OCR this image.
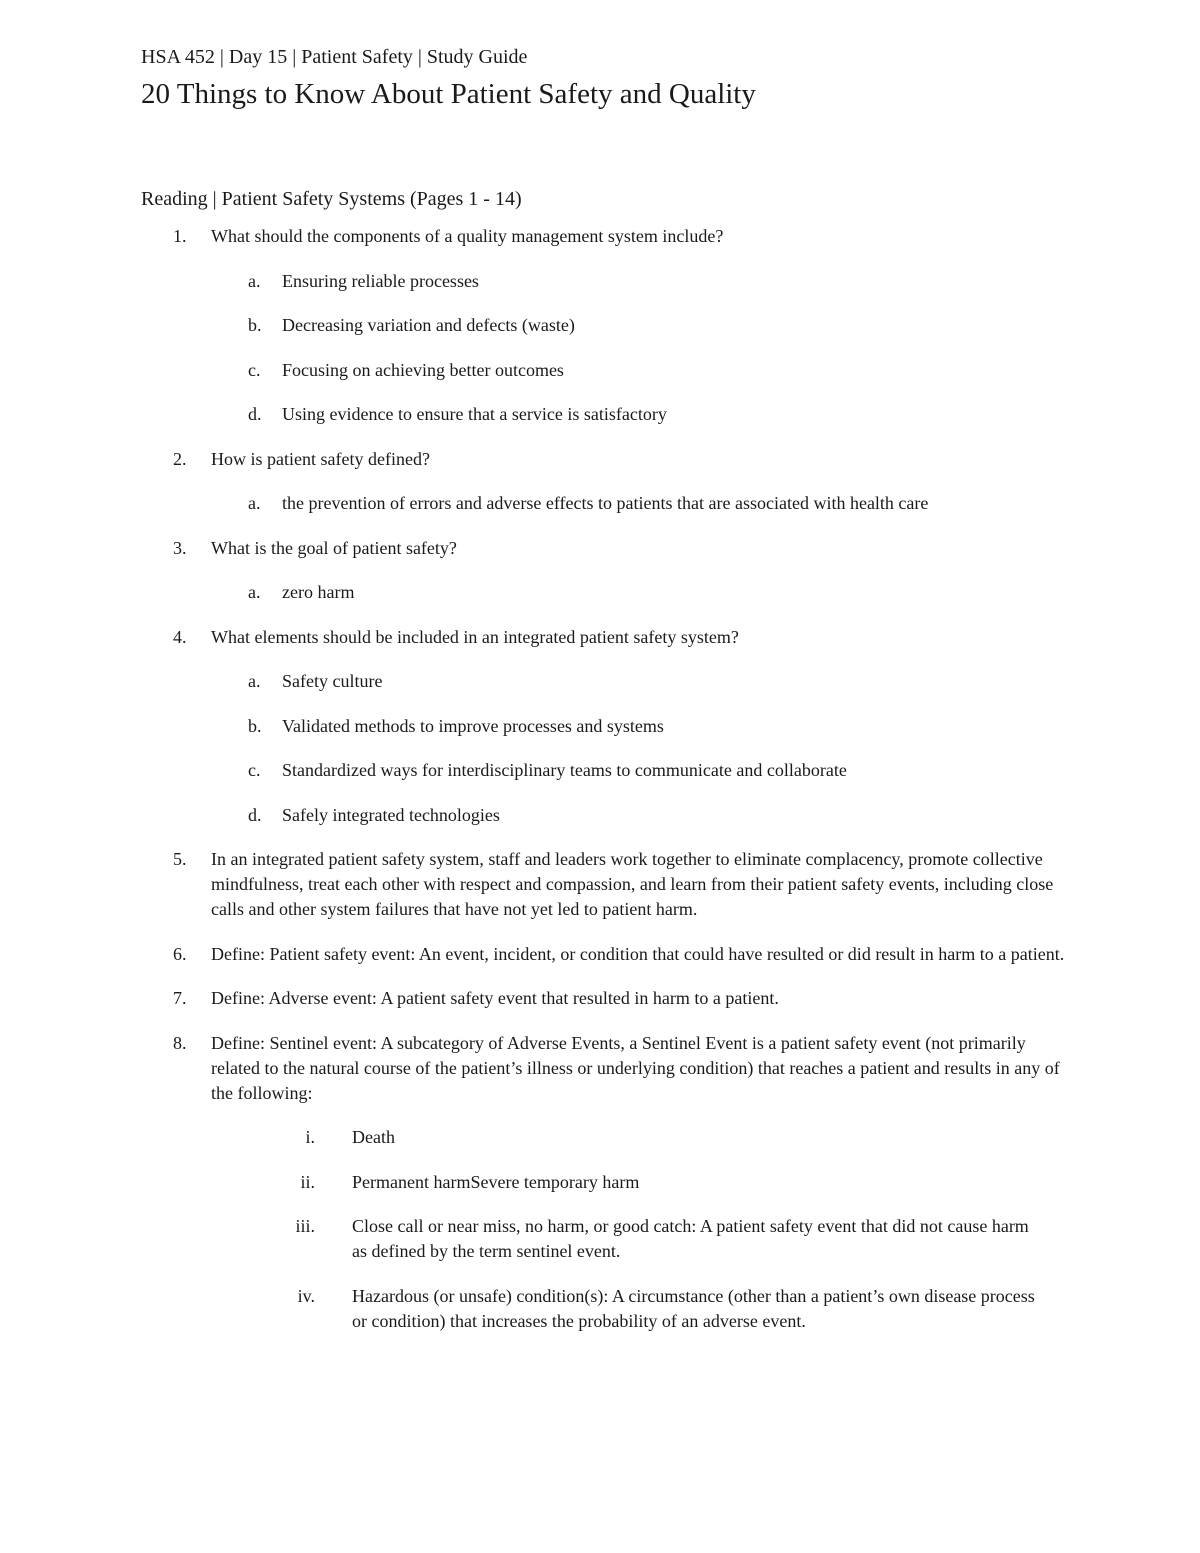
HSA 452 | Day 15 | Patient Safety | Study Guide

20 Things to Know About Patient Safety and Quality
Reading | Patient Safety Systems (Pages 1 - 14)
1. What should the components of a quality management system include?
a. Ensuring reliable processes
b. Decreasing variation and defects (waste)
c. Focusing on achieving better outcomes
d. Using evidence to ensure that a service is satisfactory
2. How is patient safety defined?
a. the prevention of errors and adverse effects to patients that are associated with health care
3. What is the goal of patient safety?
a. zero harm
4. What elements should be included in an integrated patient safety system?
a. Safety culture
b. Validated methods to improve processes and systems
c. Standardized ways for interdisciplinary teams to communicate and collaborate
d. Safely integrated technologies
5. In an integrated patient safety system, staff and leaders work together to eliminate complacency, promote collective mindfulness, treat each other with respect and compassion, and learn from their patient safety events, including close calls and other system failures that have not yet led to patient harm.
6. Define: Patient safety event: An event, incident, or condition that could have resulted or did result in harm to a patient.
7. Define: Adverse event: A patient safety event that resulted in harm to a patient.
8. Define: Sentinel event: A subcategory of Adverse Events, a Sentinel Event is a patient safety event (not primarily related to the natural course of the patient’s illness or underlying condition) that reaches a patient and results in any of the following:
i. Death
ii. Permanent harmSevere temporary harm
iii. Close call or near miss, no harm, or good catch: A patient safety event that did not cause harm as defined by the term sentinel event.
iv. Hazardous (or unsafe) condition(s): A circumstance (other than a patient’s own disease process or condition) that increases the probability of an adverse event.
